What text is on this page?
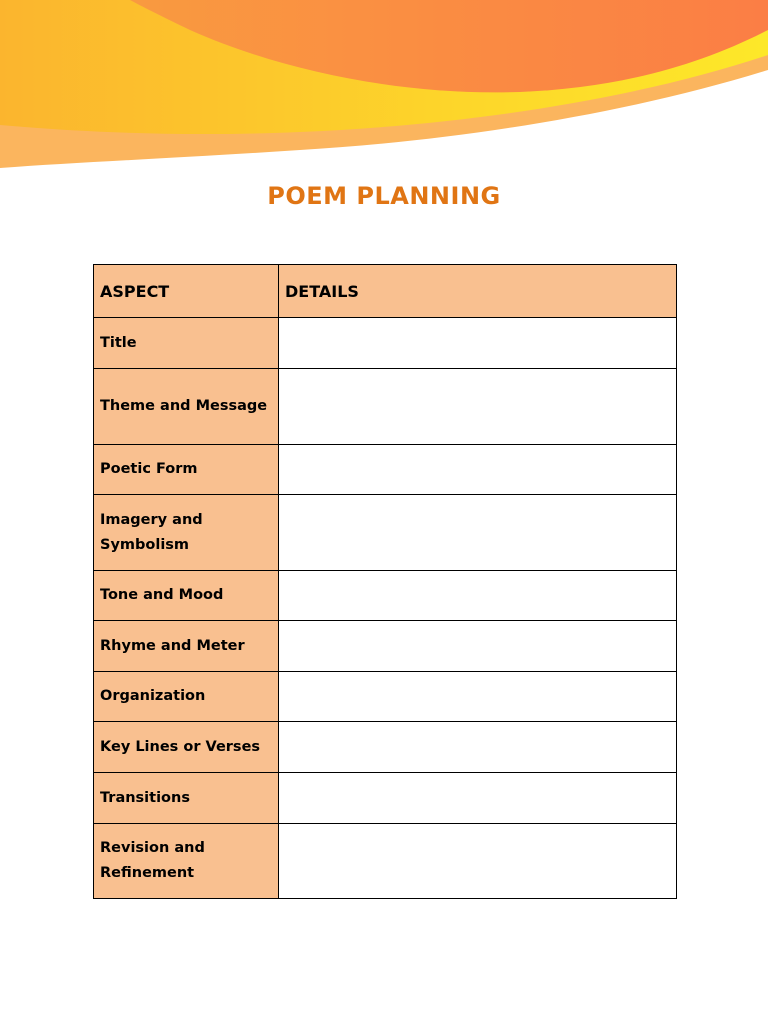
POEM PLANNING
ASPECT	DETAILS
Title	
Theme and Message	
Poetic Form	
Imagery and Symbolism	
Tone and Mood	
Rhyme and Meter	
Organization	
Key Lines or Verses	
Transitions	
Revision and Refinement	
